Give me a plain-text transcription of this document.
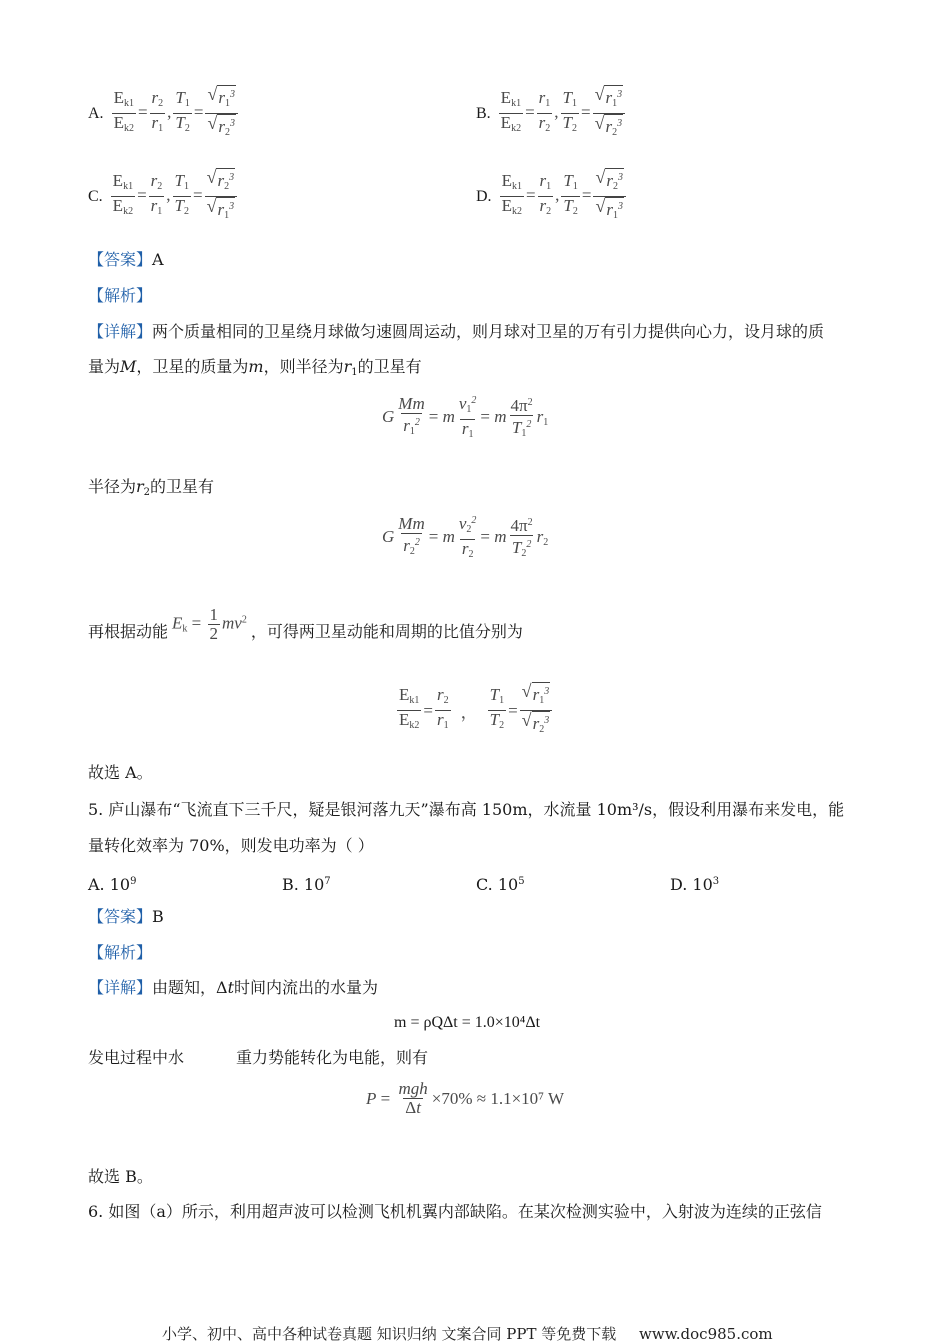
A. $\frac{E_{k1}}{E_{k2}} = \frac{r_2}{r_1}$ , $\frac{T_1}{T_2} = \frac{√ r_1^3}{√ r_2^3}$	B. $\frac{E_{k1}}{E_{k2}} = \frac{r_1}{r_2}$ , $\frac{T_1}{T_2} = \frac{√ r_1^3}{√ r_2^3}$
C. $\frac{E_{k1}}{E_{k2}} = \frac{r_2}{r_1}$ , $\frac{T_1}{T_2} = \frac{√ r_2^3}{√ r_1^3}$	D. $\frac{E_{k1}}{E_{k2}} = \frac{r_1}{r_2}$ , $\frac{T_1}{T_2} = \frac{√ r_2^3}{√ r_1^3}$
【答案】A
【解析】
【详解】两个质量相同的卫星绕月球做匀速圆周运动，则月球对卫星的万有引力提供向心力，设月球的质
量为M，卫星的质量为m，则半径为$r_1$的卫星有
G $\frac{Mm}{r_1^2} = m \frac{v_1^2}{r_1} = m \frac{4\pi^2}{T_1^2} r_1$
半径为$r_2$的卫星有
G $\frac{Mm}{r_2^2} = m \frac{v_2^2}{r_2} = m \frac{4\pi^2}{T_2^2} r_2$
再根据动能 $E_k = \frac{1}{2} mv^2$
，可得两卫星动能和周期的比值分别为
$\frac{E_{k1}}{E_{k2}} = \frac{r_2}{r_1}$ ， $\frac{T_1}{T_2} = \frac{√ r_1^3}{√ r_2^3}$
故选 A。
5. 庐山瀑布“飞流直下三千尺，疑是银河落九天”瀑布高 150m，水流量 10m³/s，假设利用瀑布来发电，能
量转化效率为 70%，则发电功率为（ ）
A. $10^9$	B. $10^7$	C. $10^5$	D. $10^3$
【答案】B
【解析】
【详解】由题知，Δt时间内流出的水量为
m = ρQΔt = 1.0×10⁴Δt
发电过程中水	重力势能转化为电能，则有
$P = \frac{\text{mgh}}{\Delta t} \times 70\% \approx 1.1\times 10^7$ W
故选 B。
6. 如图（a）所示，利用超声波可以检测飞机机翼内部缺陷。在某次检测实验中，入射波为连续的正弦信
小学、初中、高中各种试卷真题 知识归纳 文案合同 PPT 等免费下载 www.doc985.com
